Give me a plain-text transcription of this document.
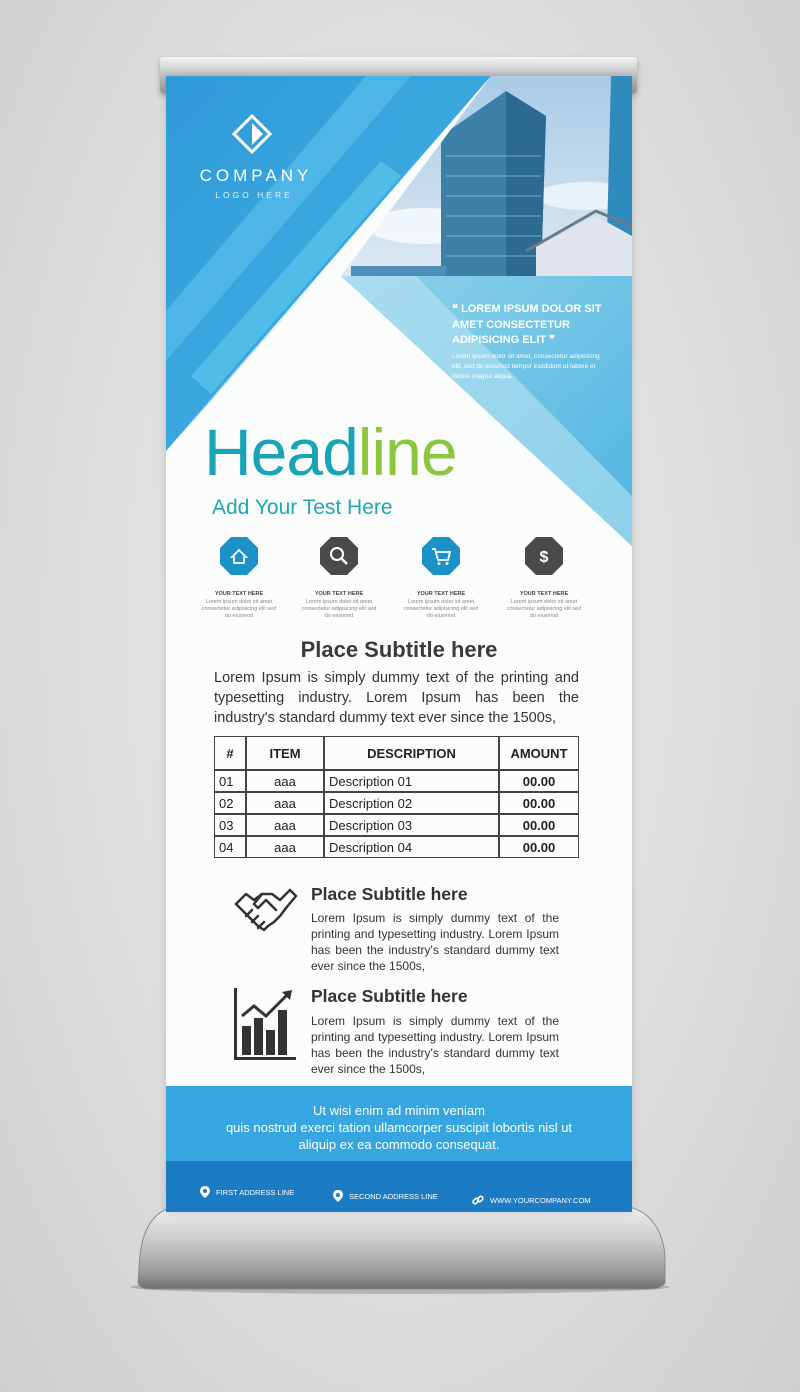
COMPANY
LOGO HERE
❝ LOREM IPSUM DOLOR SIT AMET CONSECTETUR ADIPISICING ELIT ❞
Lorem ipsum dolor sit amet, consectetur adipisicing elit, sed do eiusmod tempor incididunt ut labore et dolore magna aliqua.
Headline
Add Your Test Here
YOUR TEXT HERE
Lorem ipsum dolor sit amet consectetur adipisicing elit sed do eiusmod
YOUR TEXT HERE
Lorem ipsum dolor sit amet consectetur adipisicing elit sed do eiusmod
YOUR TEXT HERE
Lorem ipsum dolor sit amet consectetur adipisicing elit sed do eiusmod
$
YOUR TEXT HERE
Lorem ipsum dolor sit amet consectetur adipisicing elit sed do eiusmod
Place Subtitle here
Lorem Ipsum is simply dummy text of the printing and typesetting industry. Lorem Ipsum has been the industry's standard dummy text ever since the 1500s,
#	ITEM	DESCRIPTION	AMOUNT
01	aaa	Description 01	00.00
02	aaa	Description 02	00.00
03	aaa	Description 03	00.00
04	aaa	Description 04	00.00
Place Subtitle here
Lorem Ipsum is simply dummy text of the printing and typesetting industry. Lorem Ipsum has been the industry's standard dummy text ever since the 1500s,
Place Subtitle here
Lorem Ipsum is simply dummy text of the printing and typesetting industry. Lorem Ipsum has been the industry's standard dummy text ever since the 1500s,
Ut wisi enim ad minim veniam
quis nostrud exerci tation ullamcorper suscipit lobortis nisl ut
aliquip ex ea commodo consequat.
FIRST ADDRESS LINE	SECOND ADDRESS LINE	WWW.YOURCOMPANY.COM
